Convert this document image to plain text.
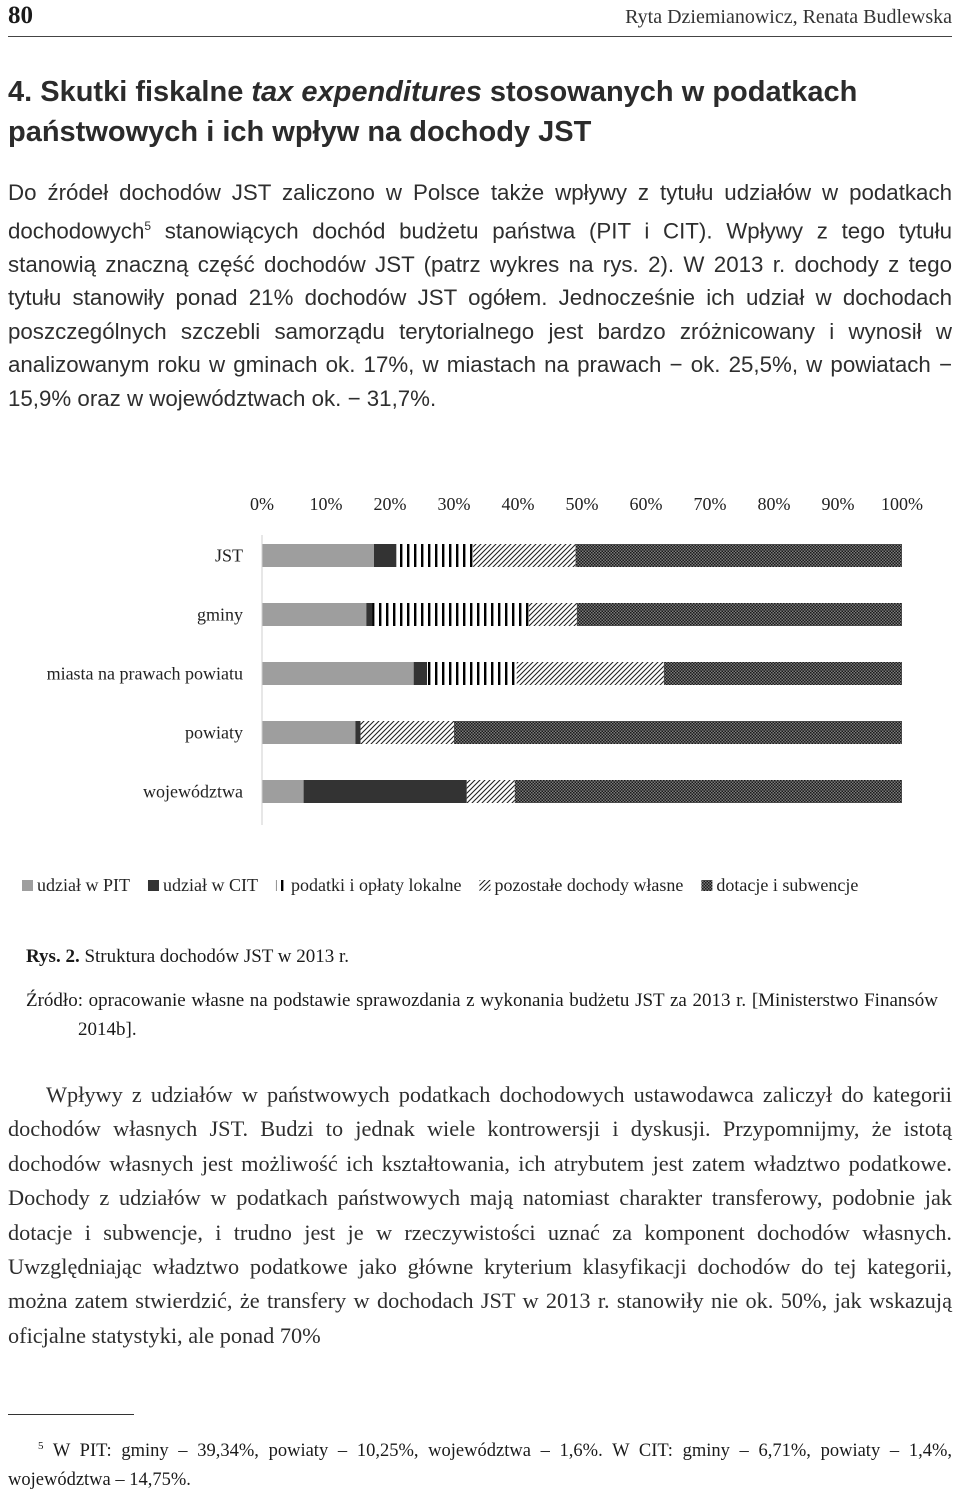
80	Ryta Dziemianowicz, Renata Budlewska
4. Skutki fiskalne tax expenditures stosowanych w podatkach państwowych i ich wpływ na dochody JST

Do źródeł dochodów JST zaliczono w Polsce także wpływy z tytułu udziałów w podatkach dochodowych$^5$ stanowiących dochód budżetu państwa (PIT i CIT). Wpływy z tego tytułu stanowią znaczną część dochodów JST (patrz wykres na rys. 2). W 2013 r. dochody z tego tytułu stanowiły ponad 21% dochodów JST ogółem. Jednocześnie ich udział w dochodach poszczególnych szczebli samorządu terytorialnego jest bardzo zróżnicowany i wynosił w analizowanym roku w gminach ok. 17%, w miastach na prawach − ok. 25,5%, w powiatach − 15,9% oraz w województwach ok. − 31,7%.

0% 10% 20% 30% 40% 50% 60% 70% 80% 90% 100%
JST
gminy
miasta na prawach powiatu
powiaty
województwa
udział w PIT udział w CIT podatki i opłaty lokalne pozostałe dochody własne dotacje i subwencje

Rys. 2. Struktura dochodów JST w 2013 r.

Źródło: opracowanie własne na podstawie sprawozdania z wykonania budżetu JST za 2013 r. [Ministerstwo Finansów 2014b].

Wpływy z udziałów w państwowych podatkach dochodowych ustawodawca zaliczył do kategorii dochodów własnych JST. Budzi to jednak wiele kontrowersji i dyskusji. Przypomnijmy, że istotą dochodów własnych jest możliwość ich kształtowania, ich atrybutem jest zatem władztwo podatkowe. Dochody z udziałów w podatkach państwowych mają natomiast charakter transferowy, podobnie jak dotacje i subwencje, i trudno jest je w rzeczywistości uznać za komponent dochodów własnych. Uwzględniając władztwo podatkowe jako główne kryterium klasyfikacji dochodów do tej kategorii, można zatem stwierdzić, że transfery w dochodach JST w 2013 r. stanowiły nie ok. 50%, jak wskazują oficjalne statystyki, ale ponad 70%

$^5$ W PIT: gminy – 39,34%, powiaty – 10,25%, województwa – 1,6%. W CIT: gminy – 6,71%, powiaty – 1,4%, województwa – 14,75%.
